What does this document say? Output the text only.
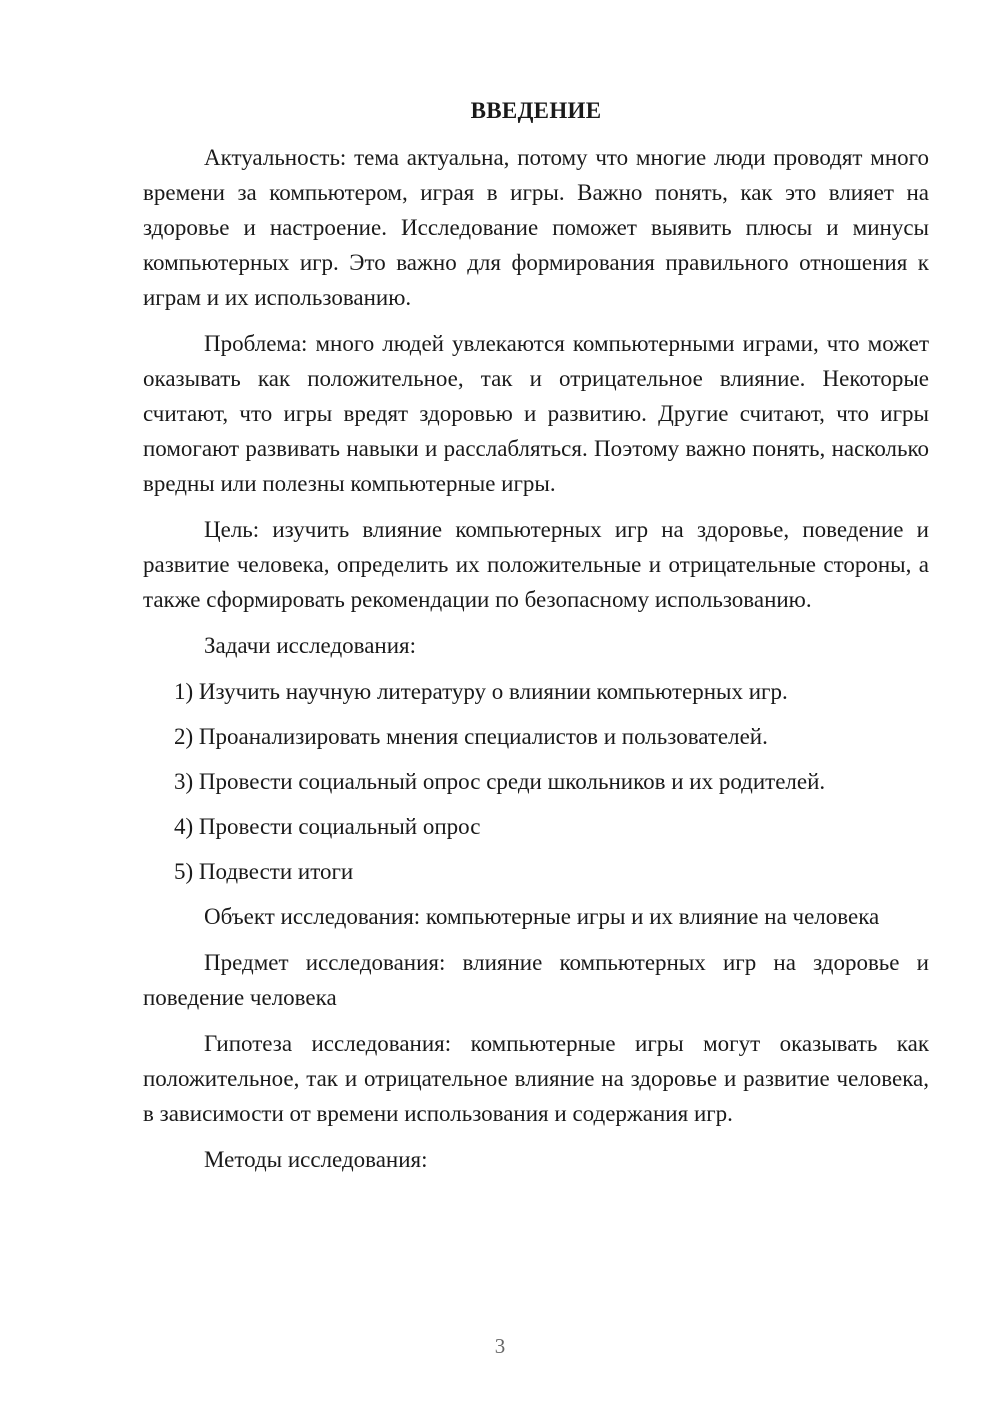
ВВЕДЕНИЕ

Актуальность: тема актуальна, потому что многие люди проводят много времени за компьютером, играя в игры. Важно понять, как это влияет на здоровье и настроение. Исследование поможет выявить плюсы и минусы компьютерных игр. Это важно для формирования правильного отношения к играм и их использованию.

Проблема: много людей увлекаются компьютерными играми, что может оказывать как положительное, так и отрицательное влияние. Некоторые считают, что игры вредят здоровью и развитию. Другие считают, что игры помогают развивать навыки и расслабляться. Поэтому важно понять, насколько вредны или полезны компьютерные игры.

Цель: изучить влияние компьютерных игр на здоровье, поведение и развитие человека, определить их положительные и отрицательные стороны, а также сформировать рекомендации по безопасному использованию.

Задачи исследования:

1) Изучить научную литературу о влиянии компьютерных игр.
2) Проанализировать мнения специалистов и пользователей.
3) Провести социальный опрос среди школьников и их родителей.
4) Провести социальный опрос
5) Подвести итоги

Объект исследования: компьютерные игры и их влияние на человека

Предмет исследования: влияние компьютерных игр на здоровье и поведение человека

Гипотеза исследования: компьютерные игры могут оказывать как положительное, так и отрицательное влияние на здоровье и развитие человека, в зависимости от времени использования и содержания игр.

Методы исследования:

3
